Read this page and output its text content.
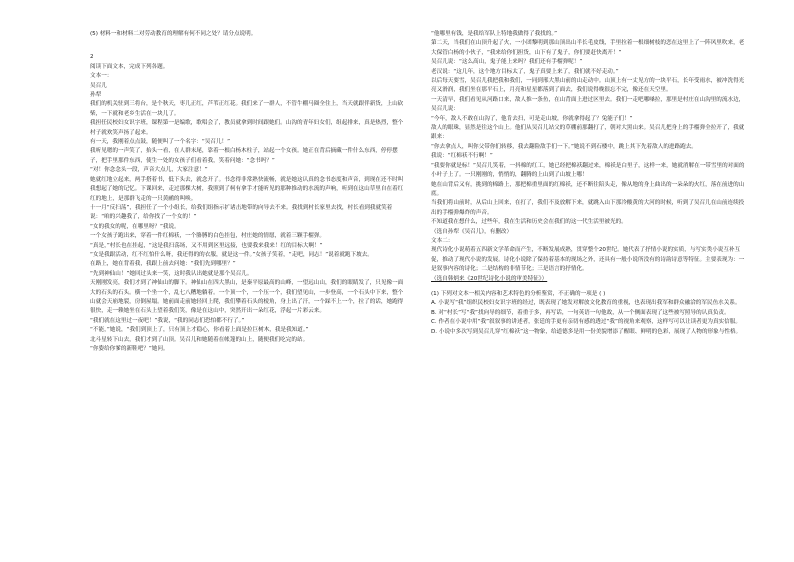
(5) 材料一和材料二对劳动教育的理解有何不同之处？请分点说明。

2

阅读下面文本，完成下列各题。

文本一：

吴召儿

孙犁

我们的机关驻到三将台，是个秋天，枣儿正红，芦苇正红花。我们来了一群人，不管牛棚马圈全住上，当天就跟伴新货，上山砍柴，一下就和老乡生活在一块儿了。

我担任民校妇女识字班，课程第一是编歌，歌唱会了，教员就拿到时间跟她们。山沟的青年妇女们，组起排来，真是热烈，整个村子就欢笑声扬了起来。

有一天，我刚着点点鼓，随便叫了一个名字：“吴召儿！”

我听见嗯的一声笑了，抬头一看，在人群末尾，靠着一根白杨木柱子，站起一个女孩。她正在背后摘藏一件什么东西，停停摆子，把手里那件东西，使生一处的女孩子们看着我，笑着问她：“念书吗？”

“对！你念念头一段，声音大点儿，大家注意！”

她就红地立起来，两手搭着书，低下头去，就念开了。书念得非常熟快流畅，就是她这认真的念书态度和声音，到现在还不时叫我想起了她的记忆。下课回来，走过那棵大树，我照到了柯有拿手才能听见的那种推动的水流的声响，听到在这山草里自在着红红的地上，是那群飞走的一只黄鹂的叫唤。

十一月“反扫荡”，我担任了一个小组长，给我们组指示扩诸击地带的向导去不来。我找到村长家里去找，村长看到我就笑着说：“咱的兴趣我了，给你找了一个女的！”

“女的我女的呢，在哪里呀？”我说。

一个女孩子跑出来，穿着一件红棉袄，一个胳膊的白色挂包，村庄她的情愿，就着三颗手榴弹。

“真是，”村长也在挂起，“这是我扫荡场，又不用到区里远接，也要我来我来！红的目标大啊！”

“女是我跟活动，红不红怕什么呀，我还得的的衣服，就是这一件。”女孩子笑着，“走吧，同志！”说着就跑下坡去。

在路上，她在背着我，我跟上前去问她：“我们先到哪里？”

“先到神仙山！”她回过头来一笑，这时我认出她就是那个吴召儿。

天刚刚发亮，我们才到了神仙山的脚下。神仙山在四大黑山，是秦平原最高的山峰，一望远山山，我们的眼睛发了，只见像一面大的石头的石头。横一个坐一个，乱七八糟地躺着。一个顶一个，一个压一个，我们望见山，一步登高，一个石头中下来，整个山就会天崩地裂，房倒屋塌。她前面走前她轻回上爬，我们攀着石头的棱角，身上出了汗，一个踩不上一个，拉了的话，她跑得很快，走一赖她坐在石头上望着我们笑，像是在这山中，突然开出一朵红花，浮起一片彩云来。

“我们就在这里过一夜吧！”我说，“我的同志们恐怕都不行了。”

“不能，”她说，“我们到顶上了，只有顶上才稳心，你看着上面是拉巨树木，我是我知道。”

北斗星转下山去，我们才到了山顶。吴召儿和她随着在帐篷的山上，随便我们吃完的站。

“你姿给你爹的新鞋吧？”她问。

“他哪里有钱，是我给军队上特地我做得了我找的。”

第二天，当我们在山顶升起了火，一小团黎明到那山顶出山半长毛皮线，手里拉着一根细树枝的恋在这里上了一阵风里吹来，老大保管白杨的小伙子，“我来给你们担货，山下有了鬼子，你们要赶快离开！”

吴召儿说：“这么高山，鬼子能上来吗？我们还有手榴弹呢！”

老汉说：“这几年，这个地方目标太了，鬼子真要上来了，我们就不好走动。”

以后每天要雪，吴召儿我把我和我们，一同到邢大黑山前的山走动中。山顶上有一丈见方的一块平石，长年受雨水，被冲洗得光亮又滑润，我们坐在那平石上，月亮和星星都落到了面去，我们说得晚很忘不完，像还在天空里。

一天清早，我们看见从河路口来，敌人推一条鱼，在山背面上进过区里去。我们一走吧哪嗓拉，那里是村庄在山沟里的流水边，吴召儿说：

“今年，敌人不敢在山沟了，他肯去扫，可是走山坡，你就拿得起了？兔能子们！”

敌人的眼珠，显然是往这个山上。他们从吴召儿站父的草棚前那翻打了，朝对大黑山来。吴召儿把身上的手榴弹全拉开了，我就跟来：

“你去拿点人，叫你父带你们转移，我去翻险敌手们一下。”她说不到石楼中，跳上其下先着敌人的进路跑去。

我说：“红棉袄不行啊！”

“我要你就是标！”吴召儿笑着，一抖棉的红工，她已经把棉袄翻过来，棉袄是白里子，这样一来，她就消解在一带雪里的对面的小叶子上了。一只刚刚的，悄悄的，翻腾的上山到了山坡上哪！

她在山背后又有，挑到的棉路上，那把棉重里面的红棉袄，还不断往陪头走，像从地的身上曲出的一朵朵的火红，落在前进的山底。

当我们将山前时，从后山上回来，在打了，我们不及放解下来，就跳入山下那冷酸黄的大河的时候，听到了吴召儿在山前连续投出的手榴弹爆炸的声音。

不知道我在想什么，过些年，我在生活和历史会在我们的这一代生活里被光的。

（选自孙犁《吴召儿》，有删改）

文本二：

现代诗化小说萌着五四新文学革命而产生，不断发展成熟，贯穿整个20世纪。她代表了抒情小说的实质，与写实类小说互补互促，推动了现代小说的发展。诗化小说除了保持着基本的现场之外，还具有一般小说所没有的诗韵诗意等特征。主要表现为：一是叙事内容的诗化；二是结构的非情节化；三是语言的抒情化。

（选自韩炳来《20世纪诗化小说的审美特征》）

(1) 下列对文本一相关内容和艺术特色的分析鉴赏，不正确的一项是 ( )

A. 小说写“我”组织民校妇女识字班的经过，既表现了她发对解放文化教育的重视，也表现出我军和群众融洽的军民鱼水关系。

B. 对“村长”写“我”找向导的细节，着重于多，再写话，一句英语一句他故，从一个侧面表现了这些被写照导的认真负责。

C. 作者在小说中用“我”叙叙事的讲述者，张廷的手更有亲切有感的透过“我”的视角来观察，这样写可以让读者更为真实信服。

D. 小说中多次写到吴召儿穿“红棉袄”这一物象，给道德多是用一份美貌增添了醒眼、鲜明的色彩，展现了人物的形象与性格。
